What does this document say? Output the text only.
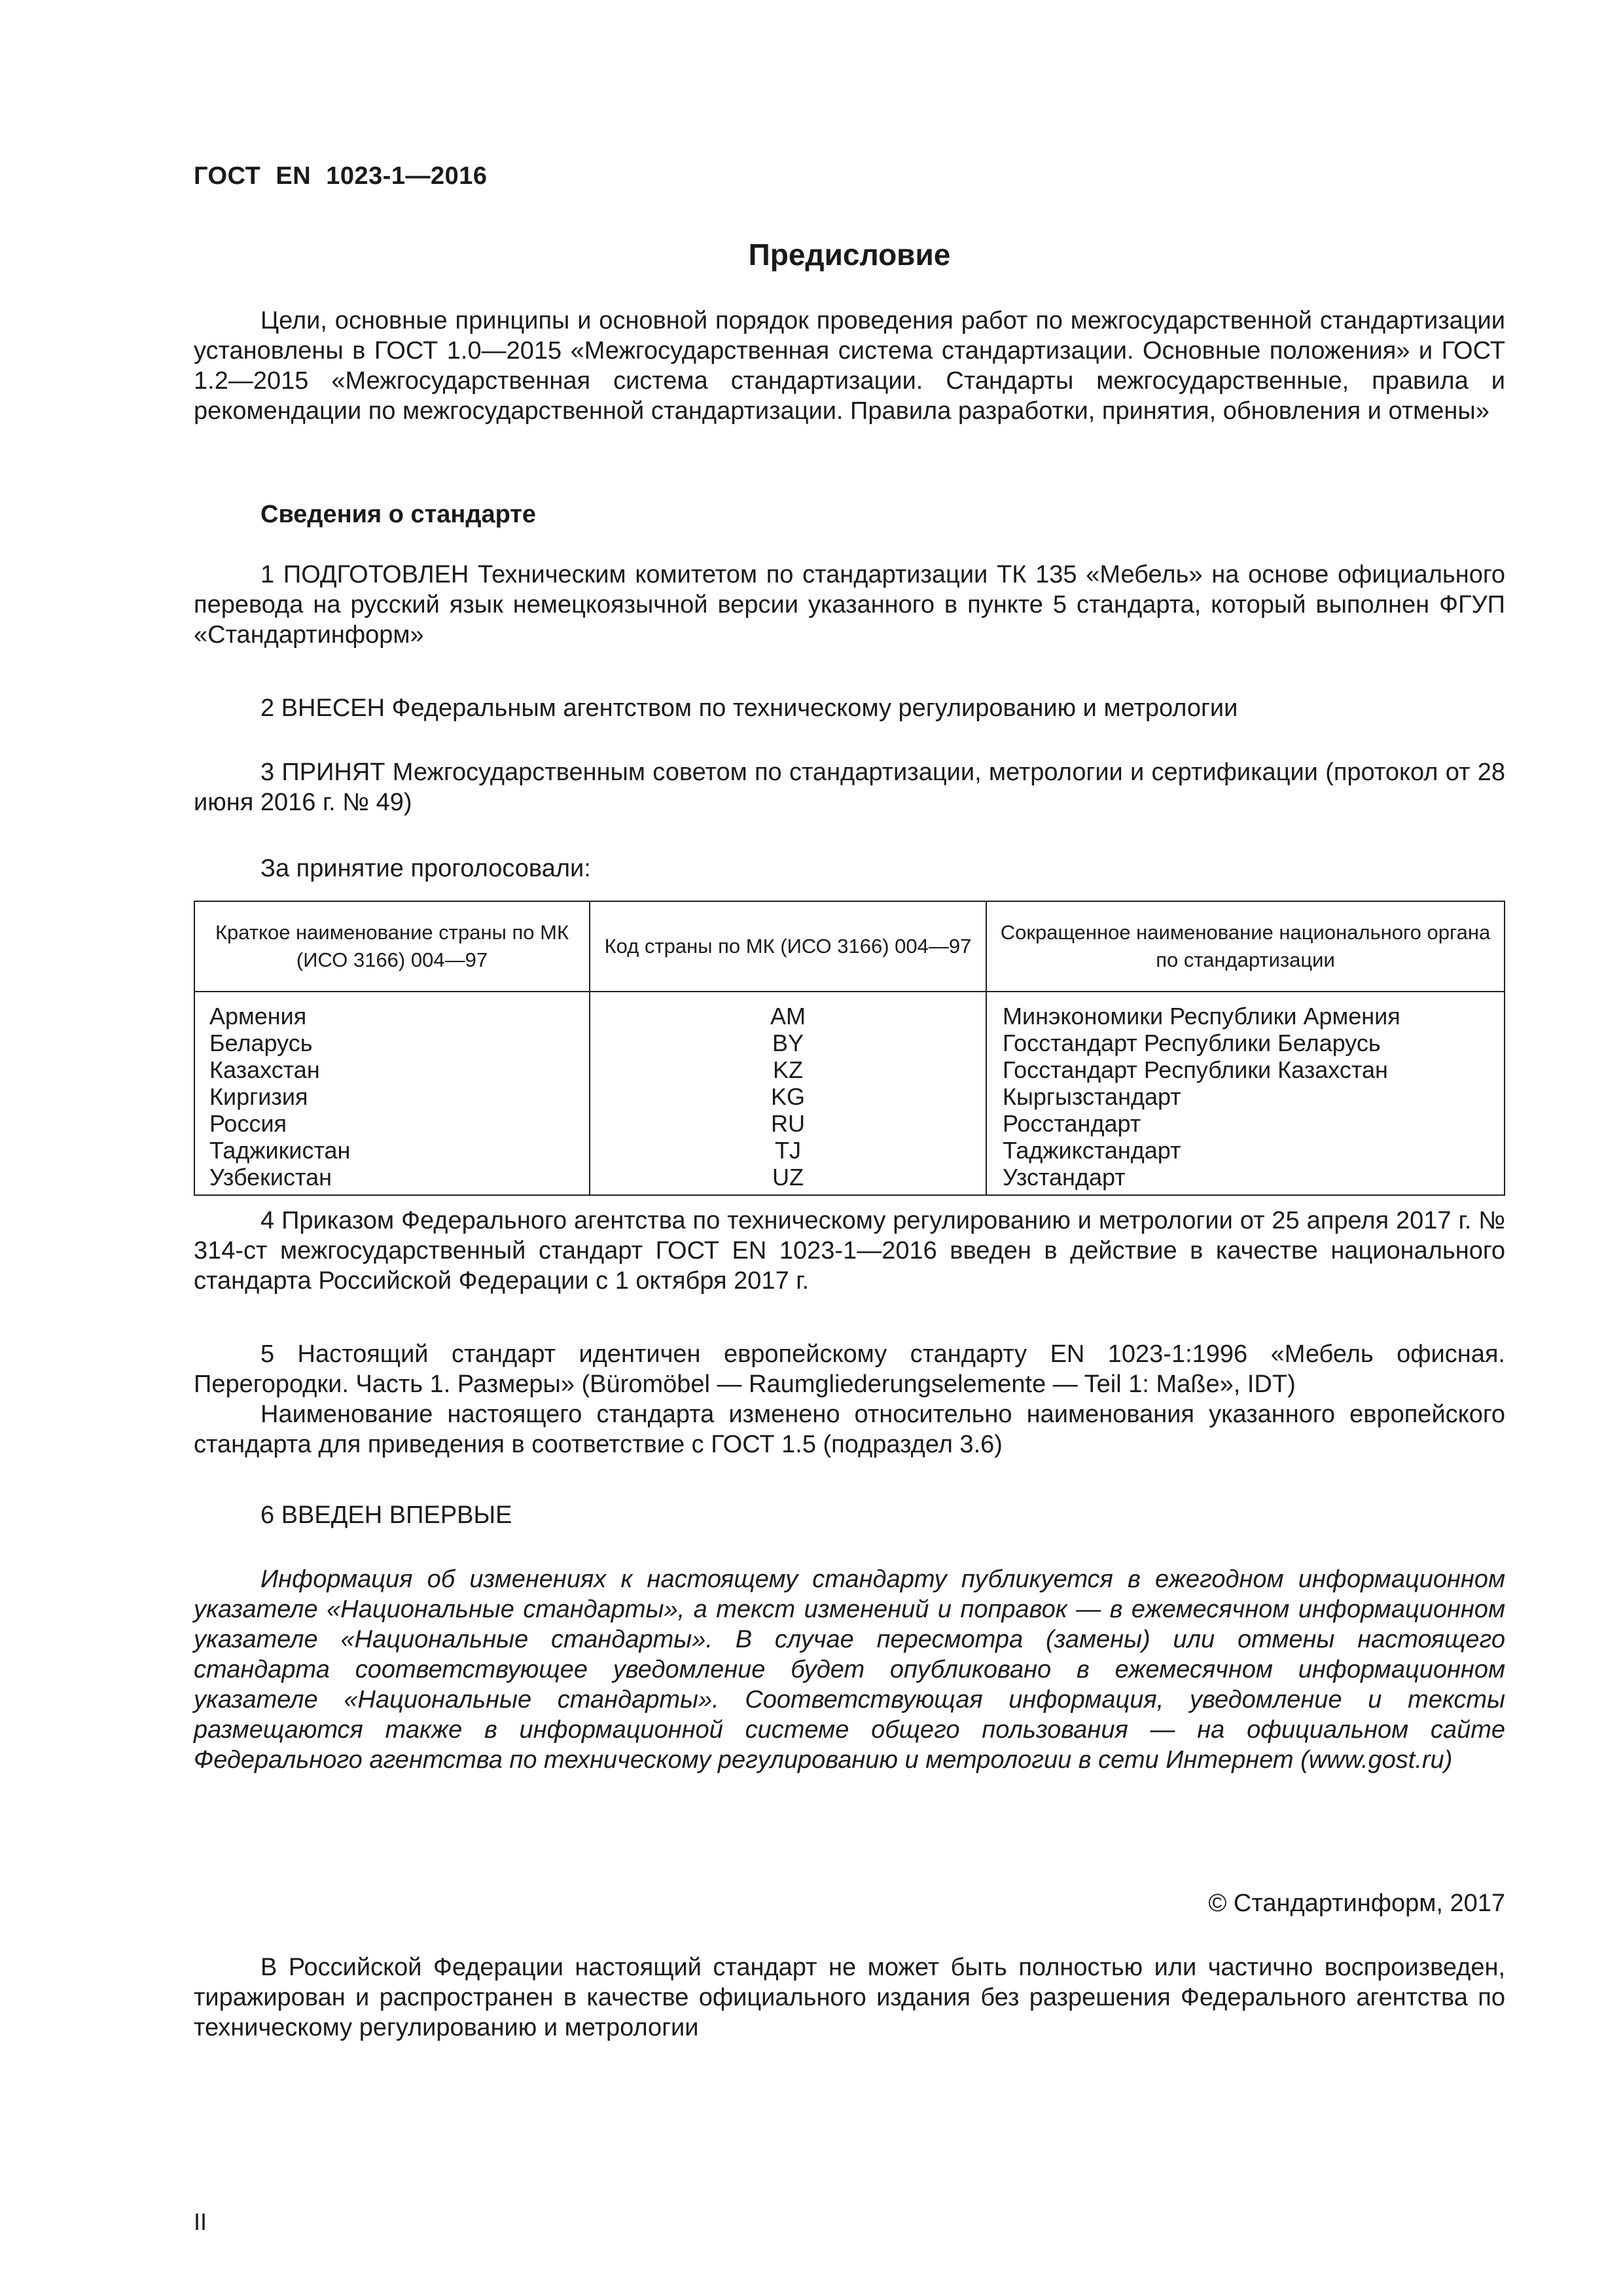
ГОСТ EN 1023-1—2016
Предисловие

Цели, основные принципы и основной порядок проведения работ по межгосударственной стандартизации установлены в ГОСТ 1.0—2015 «Межгосударственная система стандартизации. Основные положения» и ГОСТ 1.2—2015 «Межгосударственная система стандартизации. Стандарты межгосударственные, правила и рекомендации по межгосударственной стандартизации. Правила разработки, принятия, обновления и отмены»

Сведения о стандарте

1 ПОДГОТОВЛЕН Техническим комитетом по стандартизации ТК 135 «Мебель» на основе официального перевода на русский язык немецкоязычной версии указанного в пункте 5 стандарта, который выполнен ФГУП «Стандартинформ»

2 ВНЕСЕН Федеральным агентством по техническому регулированию и метрологии

3 ПРИНЯТ Межгосударственным советом по стандартизации, метрологии и сертификации (протокол от 28 июня 2016 г. № 49)

За принятие проголосовали:
Краткое наименование страны по МК (ИСО 3166) 004—97	Код страны по МК (ИСО 3166) 004—97	Сокращенное наименование национального органа по стандартизации
Армения	AM	Минэкономики Республики Армения
Беларусь	BY	Госстандарт Республики Беларусь
Казахстан	KZ	Госстандарт Республики Казахстан
Киргизия	KG	Кыргызстандарт
Россия	RU	Росстандарт
Таджикистан	TJ	Таджикстандарт
Узбекистан	UZ	Узстандарт

4 Приказом Федерального агентства по техническому регулированию и метрологии от 25 апреля 2017 г. № 314-ст межгосударственный стандарт ГОСТ EN 1023-1—2016 введен в действие в качестве национального стандарта Российской Федерации с 1 октября 2017 г.

5 Настоящий стандарт идентичен европейскому стандарту EN 1023-1:1996 «Мебель офисная. Перегородки. Часть 1. Размеры» (Büromöbel — Raumgliederungselemente — Teil 1: Maße», IDT)

Наименование настоящего стандарта изменено относительно наименования указанного европейского стандарта для приведения в соответствие с ГОСТ 1.5 (подраздел 3.6)

6 ВВЕДЕН ВПЕРВЫЕ

Информация об изменениях к настоящему стандарту публикуется в ежегодном информационном указателе «Национальные стандарты», а текст изменений и поправок — в ежемесячном информационном указателе «Национальные стандарты». В случае пересмотра (замены) или отмены настоящего стандарта соответствующее уведомление будет опубликовано в ежемесячном информационном указателе «Национальные стандарты». Соответствующая информация, уведомление и тексты размещаются также в информационной системе общего пользования — на официальном сайте Федерального агентства по техническому регулированию и метрологии в сети Интернет (www.gost.ru)

© Стандартинформ, 2017

В Российской Федерации настоящий стандарт не может быть полностью или частично воспроизведен, тиражирован и распространен в качестве официального издания без разрешения Федерального агентства по техническому регулированию и метрологии

II
